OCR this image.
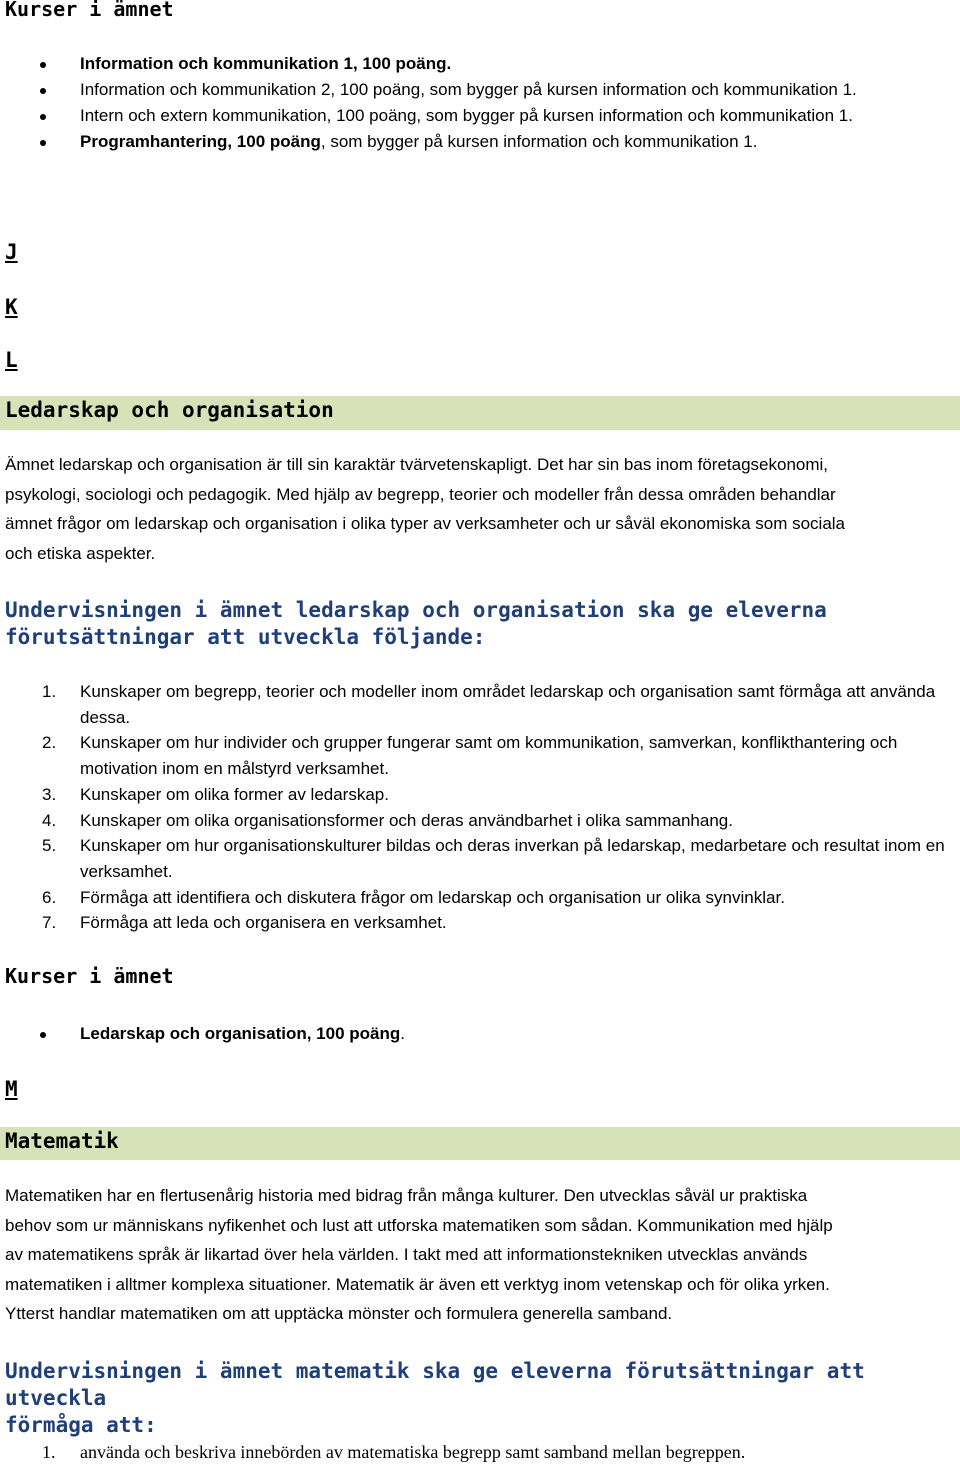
Kurser i ämnet
Information och kommunikation 1, 100 poäng.
Information och kommunikation 2, 100 poäng, som bygger på kursen information och kommunikation 1.
Intern och extern kommunikation, 100 poäng, som bygger på kursen information och kommunikation 1.
Programhantering, 100 poäng, som bygger på kursen information och kommunikation 1.
J
K
L
Ledarskap och organisation
Ämnet ledarskap och organisation är till sin karaktär tvärvetenskapligt. Det har sin bas inom företagsekonomi,
psykologi, sociologi och pedagogik. Med hjälp av begrepp, teorier och modeller från dessa områden behandlar
ämnet frågor om ledarskap och organisation i olika typer av verksamheter och ur såväl ekonomiska som sociala
och etiska aspekter.
Undervisningen i ämnet ledarskap och organisation ska ge eleverna
förutsättningar att utveckla följande:
1. Kunskaper om begrepp, teorier och modeller inom området ledarskap och organisation samt förmåga att använda dessa.
2. Kunskaper om hur individer och grupper fungerar samt om kommunikation, samverkan, konflikthantering och motivation inom en målstyrd verksamhet.
3. Kunskaper om olika former av ledarskap.
4. Kunskaper om olika organisationsformer och deras användbarhet i olika sammanhang.
5. Kunskaper om hur organisationskulturer bildas och deras inverkan på ledarskap, medarbetare och resultat inom en verksamhet.
6. Förmåga att identifiera och diskutera frågor om ledarskap och organisation ur olika synvinklar.
7. Förmåga att leda och organisera en verksamhet.
Kurser i ämnet
Ledarskap och organisation, 100 poäng.
M
Matematik
Matematiken har en flertusenårig historia med bidrag från många kulturer. Den utvecklas såväl ur praktiska
behov som ur människans nyfikenhet och lust att utforska matematiken som sådan. Kommunikation med hjälp
av matematikens språk är likartad över hela världen. I takt med att informationstekniken utvecklas används
matematiken i alltmer komplexa situationer. Matematik är även ett verktyg inom vetenskap och för olika yrken.
Ytterst handlar matematiken om att upptäcka mönster och formulera generella samband.
Undervisningen i ämnet matematik ska ge eleverna förutsättningar att utveckla
förmåga att:
1. använda och beskriva innebörden av matematiska begrepp samt samband mellan begreppen.
